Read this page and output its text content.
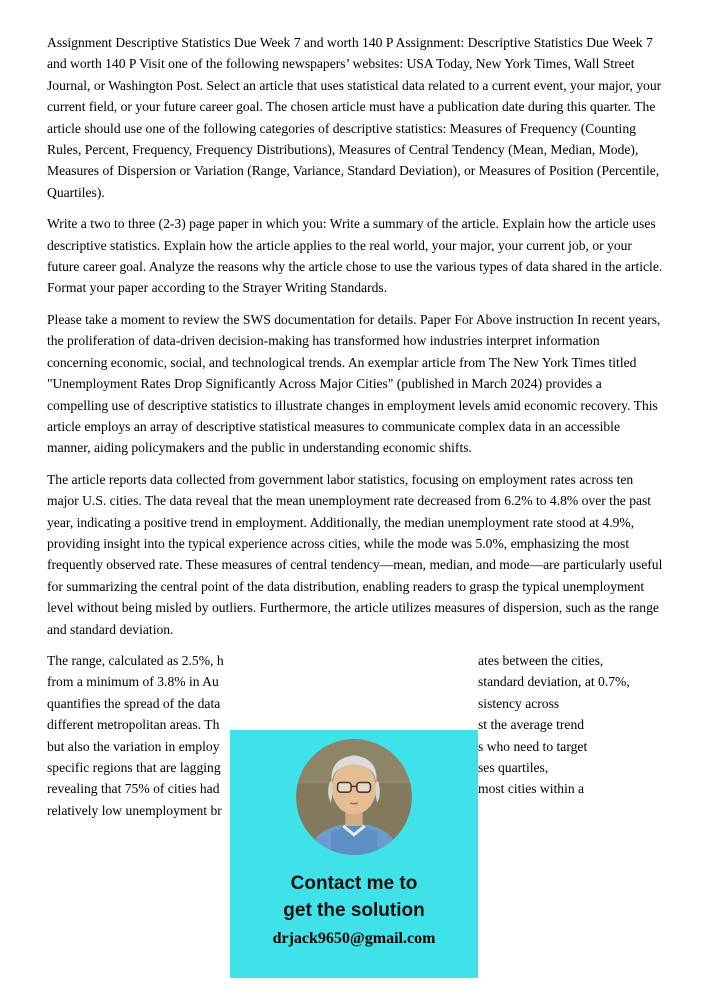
Assignment Descriptive Statistics Due Week 7 and worth 140 P Assignment: Descriptive Statistics Due Week 7 and worth 140 P Visit one of the following newspapers’ websites: USA Today, New York Times, Wall Street Journal, or Washington Post. Select an article that uses statistical data related to a current event, your major, your current field, or your future career goal. The chosen article must have a publication date during this quarter. The article should use one of the following categories of descriptive statistics: Measures of Frequency (Counting Rules, Percent, Frequency, Frequency Distributions), Measures of Central Tendency (Mean, Median, Mode), Measures of Dispersion or Variation (Range, Variance, Standard Deviation), or Measures of Position (Percentile, Quartiles).

Write a two to three (2-3) page paper in which you: Write a summary of the article. Explain how the article uses descriptive statistics. Explain how the article applies to the real world, your major, your current job, or your future career goal. Analyze the reasons why the article chose to use the various types of data shared in the article. Format your paper according to the Strayer Writing Standards.

Please take a moment to review the SWS documentation for details. Paper For Above instruction In recent years, the proliferation of data-driven decision-making has transformed how industries interpret information concerning economic, social, and technological trends. An exemplar article from The New York Times titled "Unemployment Rates Drop Significantly Across Major Cities" (published in March 2024) provides a compelling use of descriptive statistics to illustrate changes in employment levels amid economic recovery. This article employs an array of descriptive statistical measures to communicate complex data in an accessible manner, aiding policymakers and the public in understanding economic shifts.

The article reports data collected from government labor statistics, focusing on employment rates across ten major U.S. cities. The data reveal that the mean unemployment rate decreased from 6.2% to 4.8% over the past year, indicating a positive trend in employment. Additionally, the median unemployment rate stood at 4.9%, providing insight into the typical experience across cities, while the mode was 5.0%, emphasizing the most frequently observed rate. These measures of central tendency—mean, median, and mode—are particularly useful for summarizing the central point of the data distribution, enabling readers to grasp the typical unemployment level without being misled by outliers. Furthermore, the article utilizes measures of dispersion, such as the range and standard deviation.

The range, calculated as 2.5%, h	ates between the cities,
from a minimum of 3.8% in Au	standard deviation, at 0.7%,
quantifies the spread of the data	sistency across
different metropolitan areas. Th	st the average trend
but also the variation in employ	s who need to target
specific regions that are lagging	ses quartiles,
revealing that 75% of cities had	most cities within a
relatively low unemployment br
Contact me to
get the solution
drjack9650@gmail.com
